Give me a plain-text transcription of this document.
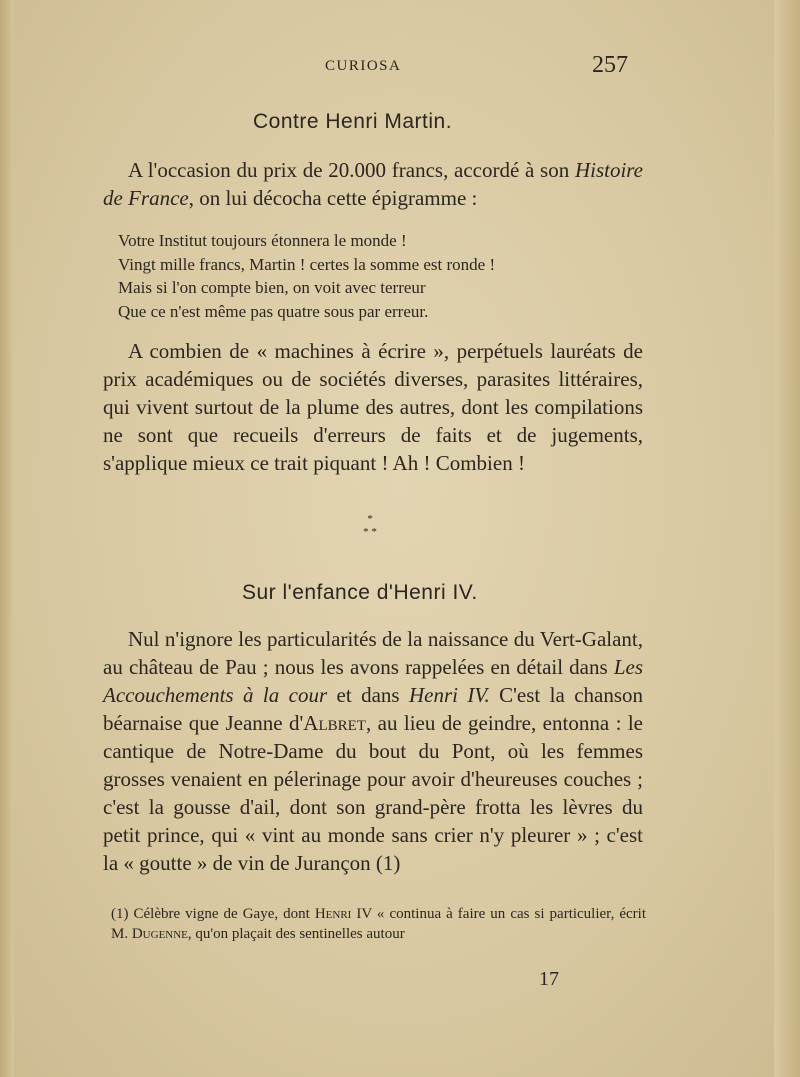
CURIOSA	257
Contre Henri Martin.

A l'occasion du prix de 20.000 francs, accordé à son Histoire de France, on lui décocha cette épigramme :

Votre Institut toujours étonnera le monde !
Vingt mille francs, Martin ! certes la somme est ronde !
Mais si l'on compte bien, on voit avec terreur
Que ce n'est même pas quatre sous par erreur.

A combien de « machines à écrire », perpétuels lauréats de prix académiques ou de sociétés diverses, parasites littéraires, qui vivent surtout de la plume des autres, dont les compilations ne sont que recueils d'erreurs de faits et de jugements, s'applique mieux ce trait piquant ! Ah ! Combien !

*
* *
Sur l'enfance d'Henri IV.

Nul n'ignore les particularités de la naissance du Vert-Galant, au château de Pau ; nous les avons rappelées en détail dans Les Accouchements à la cour et dans Henri IV. C'est la chanson béarnaise que Jeanne d'Albret, au lieu de geindre, entonna : le cantique de Notre-Dame du bout du Pont, où les femmes grosses venaient en pélerinage pour avoir d'heureuses couches ; c'est la gousse d'ail, dont son grand-père frotta les lèvres du petit prince, qui « vint au monde sans crier n'y pleurer » ; c'est la « goutte » de vin de Jurançon (1)

(1) Célèbre vigne de Gaye, dont Henri IV « continua à faire un cas si particulier, écrit M. Dugenne, qu'on plaçait des sentinelles autour

17
